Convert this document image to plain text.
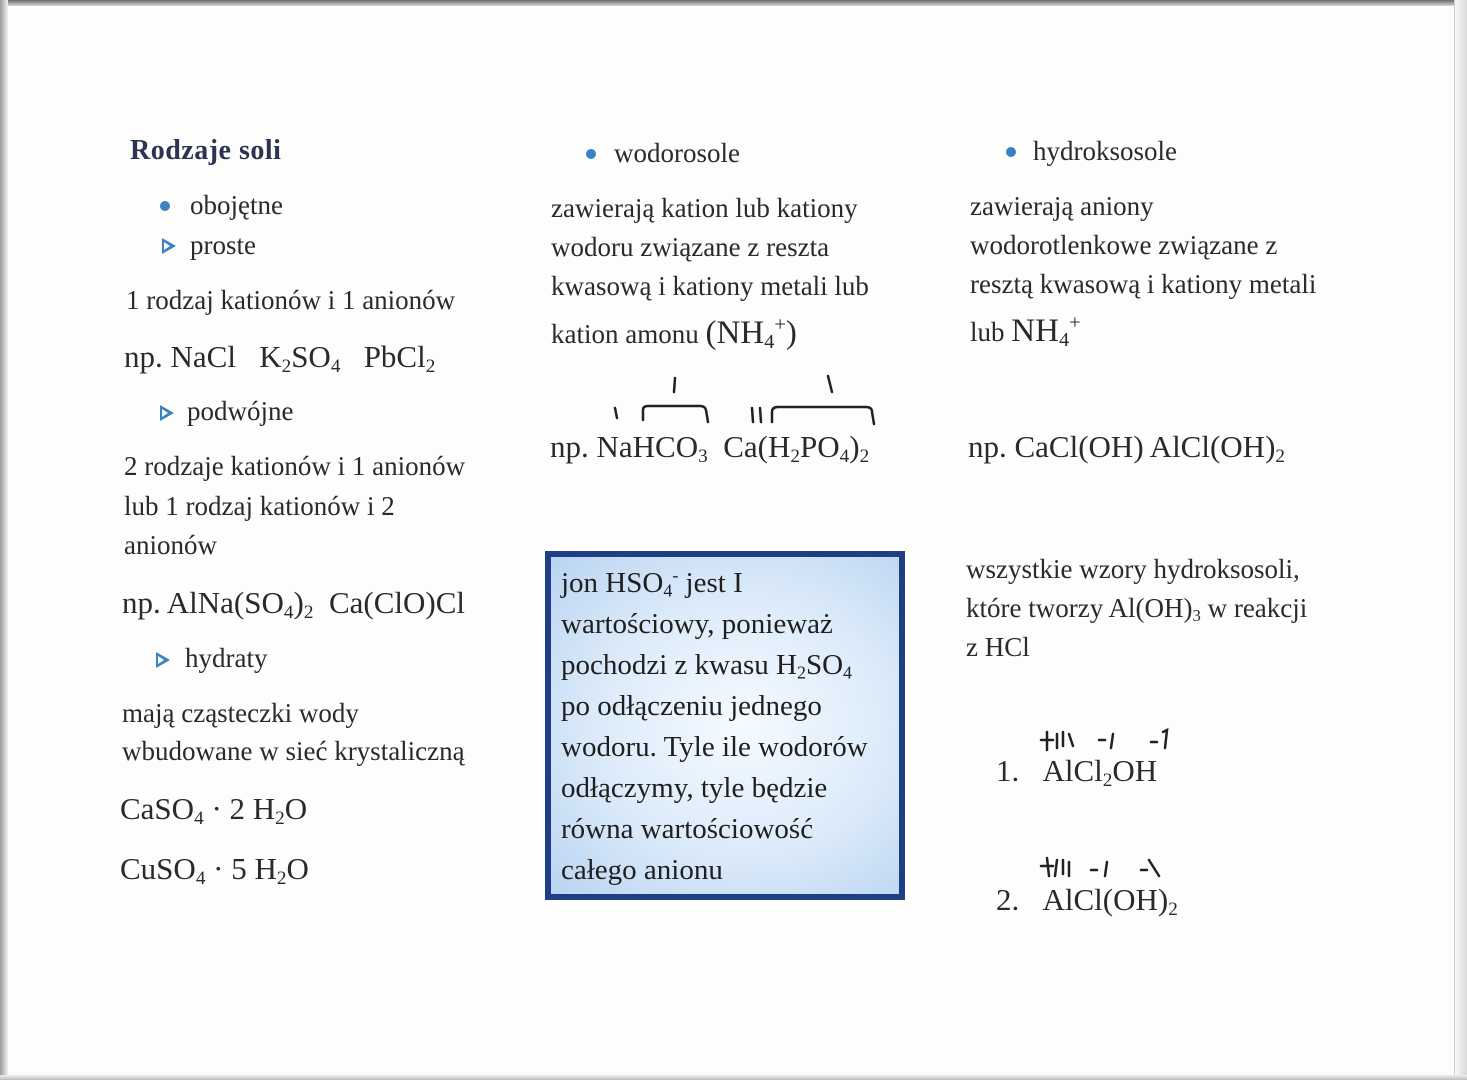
Rodzaje soli
obojętne
proste
1 rodzaj kationów i 1 anionów
np. NaCl   $K_2SO_4$   PbCl$_2$
podwójne
2 rodzaje kationów i 1 anionów
lub 1 rodzaj kationów i 2
anionów
np. $AlNa(SO_4)_2$  Ca(ClO)Cl
hydraty
mają cząsteczki wody
wbudowane w sieć krystaliczną
CaSO$_4$ · 2 $H_2O$
CuSO$_4$ · 5 $H_2O$
wodorosole
zawierają kation lub kationy
wodoru związane z reszta
kwasową i kationy metali lub
kation amonu $(NH_4^+)$
np. NaHCO$_3$  $Ca(H_2PO_4)_2$
jon $HSO_4^-$ jest I
wartościowy, ponieważ
pochodzi z kwasu $H_2SO_4$
po odłączeniu jednego
wodoru. Tyle ile wodorów
odłączymy, tyle będzie
równa wartościowość
całego anionu
hydroksosole
zawierają aniony
wodorotlenkowe związane z
resztą kwasową i kationy metali
lub $NH_4^+$
np. CaCl(OH) $AlCl(OH)_2$
wszystkie wzory hydroksosoli,
które tworzy $Al(OH)_3$ w reakcji
z HCl
1.   AlCl$_2$OH
2.   $AlCl(OH)_2$
